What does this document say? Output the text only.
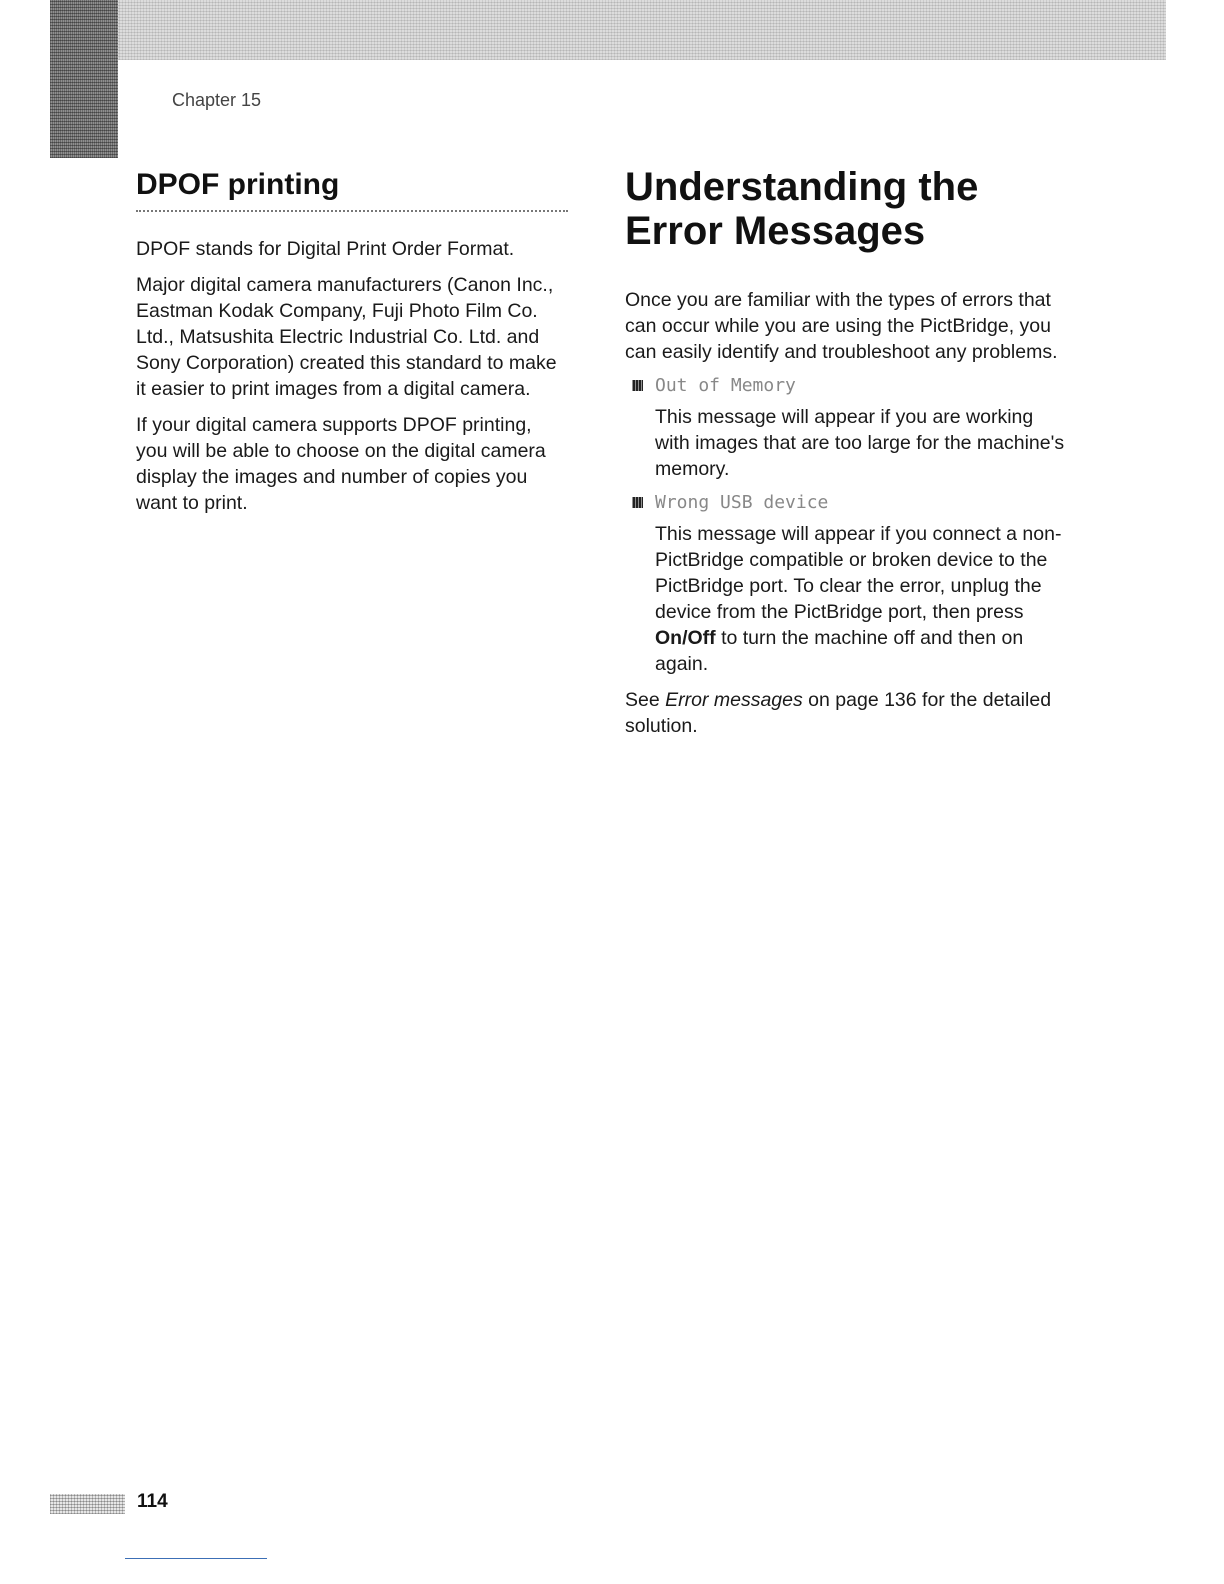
Chapter 15
DPOF printing

DPOF stands for Digital Print Order Format.

Major digital camera manufacturers (Canon Inc., Eastman Kodak Company, Fuji Photo Film Co. Ltd., Matsushita Electric Industrial Co. Ltd. and Sony Corporation) created this standard to make it easier to print images from a digital camera.

If your digital camera supports DPOF printing, you will be able to choose on the digital camera display the images and number of copies you want to print.

Understanding the
Error Messages

Once you are familiar with the types of errors that can occur while you are using the PictBridge, you can easily identify and troubleshoot any problems.

Out of Memory

This message will appear if you are working with images that are too large for the machine's memory.

Wrong USB device

This message will appear if you connect a non-PictBridge compatible or broken device to the PictBridge port. To clear the error, unplug the device from the PictBridge port, then press On/Off to turn the machine off and then on again.

See Error messages on page 136 for the detailed solution.

114
